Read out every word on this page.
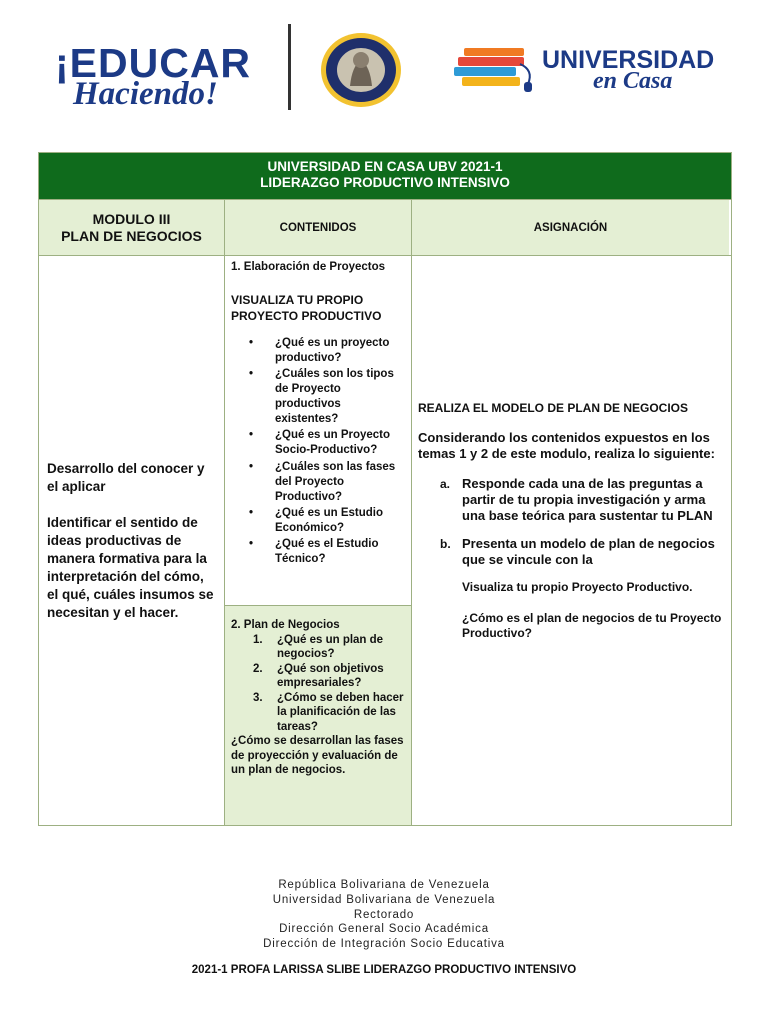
¡EDUCAR
Haciendo!
UNIVERSIDAD
en Casa
UNIVERSIDAD EN CASA UBV 2021-1
LIDERAZGO PRODUCTIVO INTENSIVO
MODULO III
PLAN DE NEGOCIOS	CONTENIDOS	ASIGNACIÓN

Desarrollo del conocer y el aplicar

Identificar el sentido de ideas productivas de manera formativa para la interpretación del cómo, el qué, cuáles insumos se necesitan y el hacer.

1. Elaboración de Proyectos
VISUALIZA TU PROPIO PROYECTO PRODUCTIVO
• ¿Qué es un proyecto productivo?
• ¿Cuáles son los tipos de Proyecto productivos existentes?
• ¿Qué es un Proyecto Socio-Productivo?
• ¿Cuáles son las fases del Proyecto Productivo?
• ¿Qué es un Estudio Económico?
• ¿Qué es el Estudio Técnico?
2. Plan de Negocios
1. ¿Qué es un plan de negocios?
2. ¿Qué son objetivos empresariales?
3. ¿Cómo se deben hacer la planificación de las tareas?
¿Cómo se desarrollan las fases de proyección y evaluación de un plan de negocios.
REALIZA EL MODELO DE PLAN DE NEGOCIOS
Considerando los contenidos expuestos en los temas 1 y 2 de este modulo, realiza lo siguiente:
a. Responde cada una de las preguntas a partir de tu propia investigación y arma una base teórica para sustentar tu PLAN
b. Presenta un modelo de plan de negocios que se vincule con la
Visualiza tu propio Proyecto Productivo.
¿Cómo es el plan de negocios de tu Proyecto Productivo?
República Bolivariana de Venezuela
Universidad Bolivariana de Venezuela
Rectorado
Dirección General Socio Académica
Dirección de Integración Socio Educativa
2021-1 PROFA LARISSA SLIBE LIDERAZGO PRODUCTIVO INTENSIVO
